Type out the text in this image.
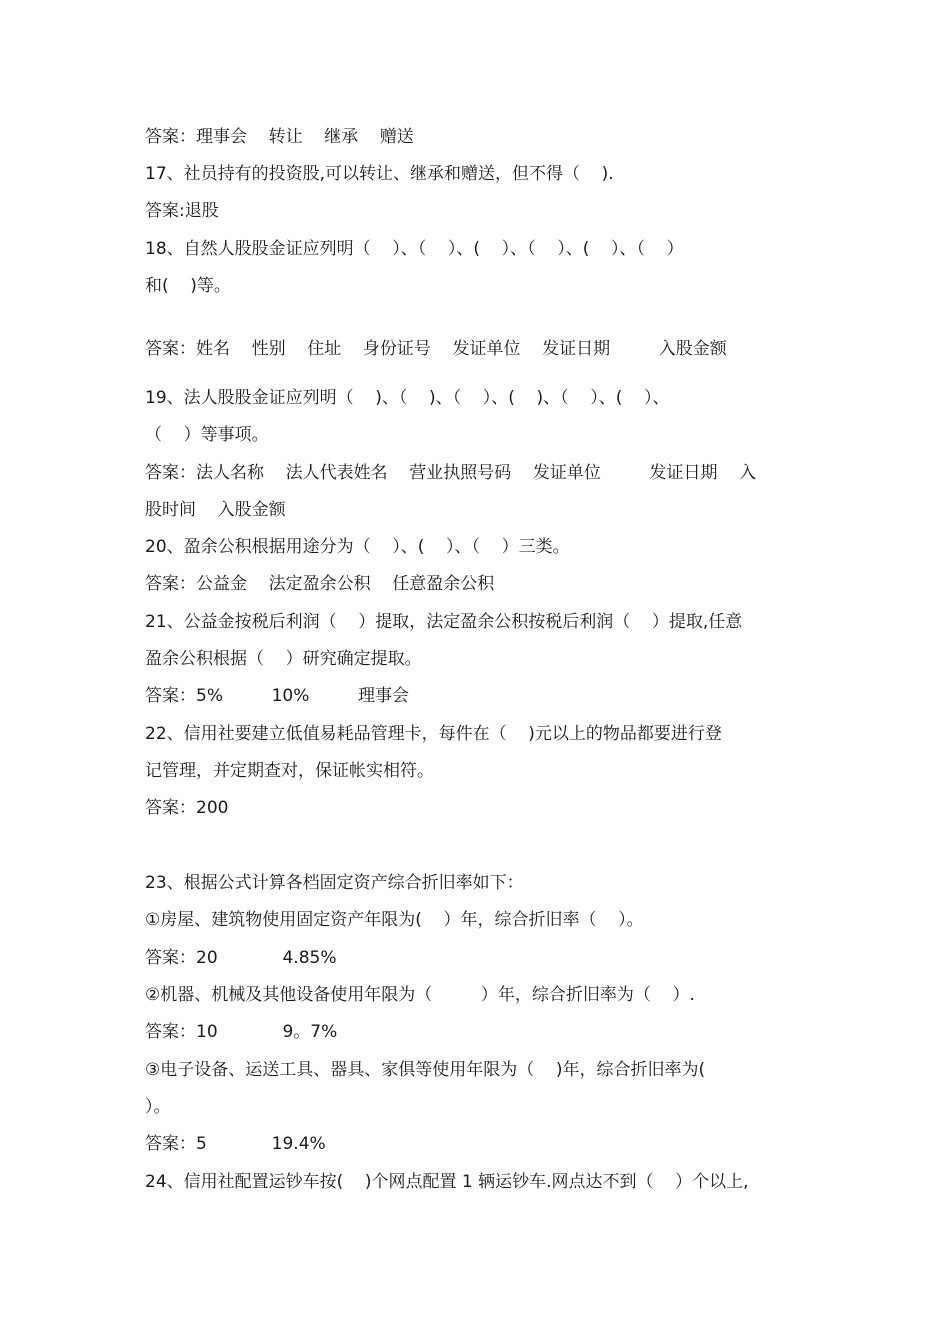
答案：理事会    转让    继承    赠送
17、社员持有的投资股,可以转让、继承和赠送，但不得（    ).
答案:退股
18、自然人股股金证应列明（    ）、（    ）、(    ）、（    ）、(    ）、（    ）
和(    )等。
答案：姓名    性别    住址    身份证号    发证单位    发证日期         入股金额
19、法人股股金证应列明（    )、（    )、（    ）、(    )、（    ）、(    ）、
（    ）等事项。
答案：法人名称    法人代表姓名    营业执照号码    发证单位         发证日期    入
股时间    入股金额
20、盈余公积根据用途分为（    ）、(    ）、（    ）三类。
答案：公益金    法定盈余公积    任意盈余公积
21、公益金按税后利润（    ）提取，法定盈余公积按税后利润（    ）提取,任意
盈余公积根据（    ）研究确定提取。
答案：5%         10%         理事会
22、信用社要建立低值易耗品管理卡，每件在（    )元以上的物品都要进行登
记管理，并定期查对，保证帐实相符。
答案：200
23、根据公式计算各档固定资产综合折旧率如下：
①房屋、建筑物使用固定资产年限为(    ）年，综合折旧率（    ）。
答案：20            4.85%
②机器、机械及其他设备使用年限为（         ）年，综合折旧率为（    ）.
答案：10            9。7%
③电子设备、运送工具、器具、家俱等使用年限为（    )年，综合折旧率为(
）。
答案：5            19.4%
24、信用社配置运钞车按(    )个网点配置 1 辆运钞车.网点达不到（    ）个以上,
